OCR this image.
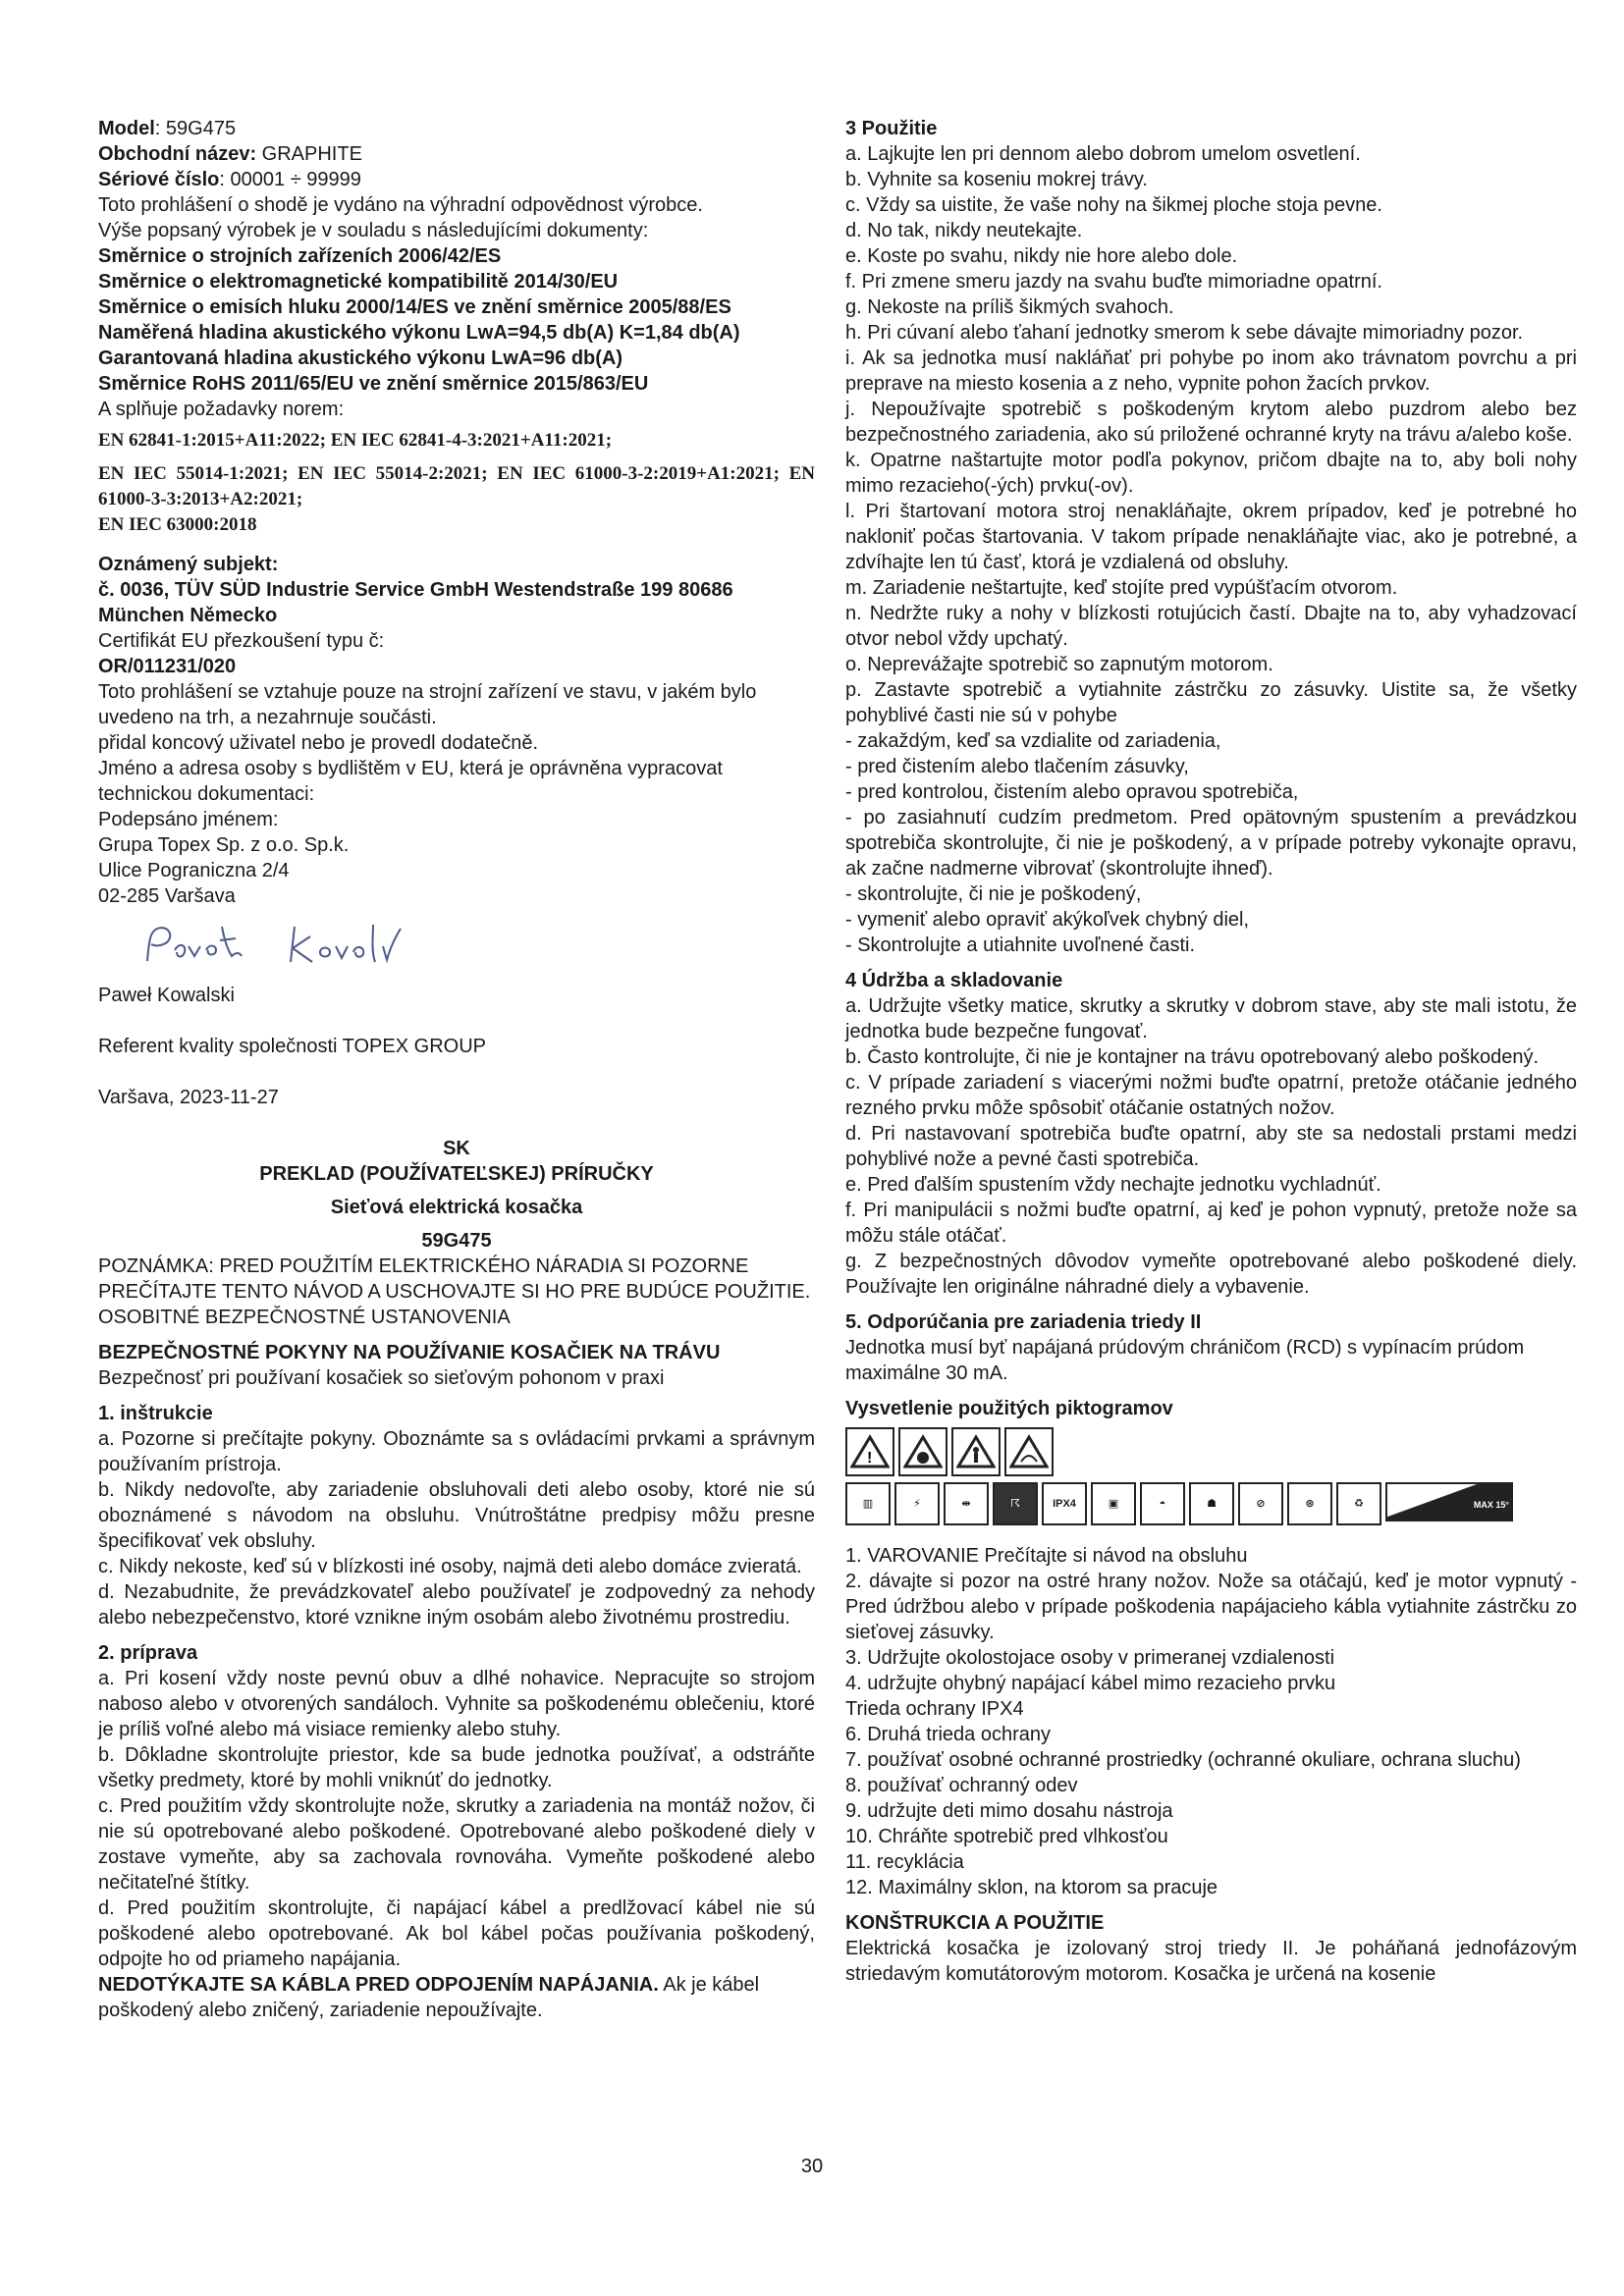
Model: 59G475

Obchodní název: GRAPHITE

Sériové číslo: 00001 ÷ 99999

Toto prohlášení o shodě je vydáno na výhradní odpovědnost výrobce.

Výše popsaný výrobek je v souladu s následujícími dokumenty:

Směrnice o strojních zařízeních 2006/42/ES

Směrnice o elektromagnetické kompatibilitě 2014/30/EU

Směrnice o emisích hluku 2000/14/ES ve znění směrnice 2005/88/ES

Naměřená hladina akustického výkonu LwA=94,5 db(A) K=1,84 db(A)

Garantovaná hladina akustického výkonu LwA=96 db(A)

Směrnice RoHS 2011/65/EU ve znění směrnice 2015/863/EU

A splňuje požadavky norem:

EN 62841-1:2015+A11:2022; EN IEC 62841-4-3:2021+A11:2021;

EN IEC 55014-1:2021; EN IEC 55014-2:2021; EN IEC 61000-3-2:2019+A1:2021; EN 61000-3-3:2013+A2:2021;

EN IEC 63000:2018

Oznámený subjekt:

č. 0036, TÜV SÜD Industrie Service GmbH Westendstraße 199 80686 München Německo

Certifikát EU přezkoušení typu č:

OR/011231/020

Toto prohlášení se vztahuje pouze na strojní zařízení ve stavu, v jakém bylo uvedeno na trh, a nezahrnuje součásti.

přidal koncový uživatel nebo je provedl dodatečně.

Jméno a adresa osoby s bydlištěm v EU, která je oprávněna vypracovat technickou dokumentaci:

Podepsáno jménem:

Grupa Topex Sp. z o.o. Sp.k.

Ulice Pograniczna 2/4

02-285 Varšava

Paweł Kowalski

Referent kvality společnosti TOPEX GROUP

Varšava, 2023-11-27

SK

PREKLAD (POUŽÍVATEĽSKEJ) PRÍRUČKY

Sieťová elektrická kosačka

59G475

POZNÁMKA: PRED POUŽITÍM ELEKTRICKÉHO NÁRADIA SI POZORNE PREČÍTAJTE TENTO NÁVOD A USCHOVAJTE SI HO PRE BUDÚCE POUŽITIE.

OSOBITNÉ BEZPEČNOSTNÉ USTANOVENIA

BEZPEČNOSTNÉ POKYNY NA POUŽÍVANIE KOSAČIEK NA TRÁVU

Bezpečnosť pri používaní kosačiek so sieťovým pohonom v praxi

1. inštrukcie

a. Pozorne si prečítajte pokyny. Oboznámte sa s ovládacími prvkami a správnym používaním prístroja.

b. Nikdy nedovoľte, aby zariadenie obsluhovali deti alebo osoby, ktoré nie sú oboznámené s návodom na obsluhu. Vnútroštátne predpisy môžu presne špecifikovať vek obsluhy.

c. Nikdy nekoste, keď sú v blízkosti iné osoby, najmä deti alebo domáce zvieratá.

d. Nezabudnite, že prevádzkovateľ alebo používateľ je zodpovedný za nehody alebo nebezpečenstvo, ktoré vznikne iným osobám alebo životnému prostrediu.

2. príprava

a. Pri kosení vždy noste pevnú obuv a dlhé nohavice. Nepracujte so strojom naboso alebo v otvorených sandáloch. Vyhnite sa poškodenému oblečeniu, ktoré je príliš voľné alebo má visiace remienky alebo stuhy.

b. Dôkladne skontrolujte priestor, kde sa bude jednotka používať, a odstráňte všetky predmety, ktoré by mohli vniknúť do jednotky.

c. Pred použitím vždy skontrolujte nože, skrutky a zariadenia na montáž nožov, či nie sú opotrebované alebo poškodené. Opotrebované alebo poškodené diely v zostave vymeňte, aby sa zachovala rovnováha. Vymeňte poškodené alebo nečitateľné štítky.

d. Pred použitím skontrolujte, či napájací kábel a predlžovací kábel nie sú poškodené alebo opotrebované. Ak bol kábel počas používania poškodený, odpojte ho od priameho napájania.

NEDOTÝKAJTE SA KÁBLA PRED ODPOJENÍM NAPÁJANIA. Ak je kábel poškodený alebo zničený, zariadenie nepoužívajte.

3 Použitie

a. Lajkujte len pri dennom alebo dobrom umelom osvetlení.

b. Vyhnite sa koseniu mokrej trávy.

c. Vždy sa uistite, že vaše nohy na šikmej ploche stoja pevne.

d. No tak, nikdy neutekajte.

e. Koste po svahu, nikdy nie hore alebo dole.

f. Pri zmene smeru jazdy na svahu buďte mimoriadne opatrní.

g. Nekoste na príliš šikmých svahoch.

h. Pri cúvaní alebo ťahaní jednotky smerom k sebe dávajte mimoriadny pozor.

i. Ak sa jednotka musí nakláňať pri pohybe po inom ako trávnatom povrchu a pri preprave na miesto kosenia a z neho, vypnite pohon žacích prvkov.

j. Nepoužívajte spotrebič s poškodeným krytom alebo puzdrom alebo bez bezpečnostného zariadenia, ako sú priložené ochranné kryty na trávu a/alebo koše.

k. Opatrne naštartujte motor podľa pokynov, pričom dbajte na to, aby boli nohy mimo rezacieho(-ých) prvku(-ov).

l. Pri štartovaní motora stroj nenakláňajte, okrem prípadov, keď je potrebné ho nakloniť počas štartovania. V takom prípade nenakláňajte viac, ako je potrebné, a zdvíhajte len tú časť, ktorá je vzdialená od obsluhy.

m. Zariadenie neštartujte, keď stojíte pred vypúšťacím otvorom.

n. Nedržte ruky a nohy v blízkosti rotujúcich častí. Dbajte na to, aby vyhadzovací otvor nebol vždy upchatý.

o. Neprevážajte spotrebič so zapnutým motorom.

p. Zastavte spotrebič a vytiahnite zástrčku zo zásuvky. Uistite sa, že všetky pohyblivé časti nie sú v pohybe

- zakaždým, keď sa vzdialite od zariadenia,

- pred čistením alebo tlačením zásuvky,

- pred kontrolou, čistením alebo opravou spotrebiča,

- po zasiahnutí cudzím predmetom. Pred opätovným spustením a prevádzkou spotrebiča skontrolujte, či nie je poškodený, a v prípade potreby vykonajte opravu, ak začne nadmerne vibrovať (skontrolujte ihneď).

- skontrolujte, či nie je poškodený,

- vymeniť alebo opraviť akýkoľvek chybný diel,

- Skontrolujte a utiahnite uvoľnené časti.

4 Údržba a skladovanie

a. Udržujte všetky matice, skrutky a skrutky v dobrom stave, aby ste mali istotu, že jednotka bude bezpečne fungovať.

b. Často kontrolujte, či nie je kontajner na trávu opotrebovaný alebo poškodený.

c. V prípade zariadení s viacerými nožmi buďte opatrní, pretože otáčanie jedného rezného prvku môže spôsobiť otáčanie ostatných nožov.

d. Pri nastavovaní spotrebiča buďte opatrní, aby ste sa nedostali prstami medzi pohyblivé nože a pevné časti spotrebiča.

e. Pred ďalším spustením vždy nechajte jednotku vychladnúť.

f. Pri manipulácii s nožmi buďte opatrní, aj keď je pohon vypnutý, pretože nože sa môžu stále otáčať.

g. Z bezpečnostných dôvodov vymeňte opotrebované alebo poškodené diely. Používajte len originálne náhradné diely a vybavenie.

5. Odporúčania pre zariadenia triedy II

Jednotka musí byť napájaná prúdovým chráničom (RCD) s vypínacím prúdom maximálne 30 mA.

Vysvetlenie použitých piktogramov

!
▥	⚡	⇹	☈	IPX4	▣	◓	☗	⊘	⊛	♻	MAX 15°

1. VAROVANIE Prečítajte si návod na obsluhu

2. dávajte si pozor na ostré hrany nožov. Nože sa otáčajú, keď je motor vypnutý - Pred údržbou alebo v prípade poškodenia napájacieho kábla vytiahnite zástrčku zo sieťovej zásuvky.

3. Udržujte okolostojace osoby v primeranej vzdialenosti

4. udržujte ohybný napájací kábel mimo rezacieho prvku

Trieda ochrany IPX4

6. Druhá trieda ochrany

7. používať osobné ochranné prostriedky (ochranné okuliare, ochrana sluchu)

8. používať ochranný odev

9. udržujte deti mimo dosahu nástroja

10. Chráňte spotrebič pred vlhkosťou

11. recyklácia

12. Maximálny sklon, na ktorom sa pracuje

KONŠTRUKCIA A POUŽITIE

Elektrická kosačka je izolovaný stroj triedy II. Je poháňaná jednofázovým striedavým komutátorovým motorom. Kosačka je určená na kosenie

30
